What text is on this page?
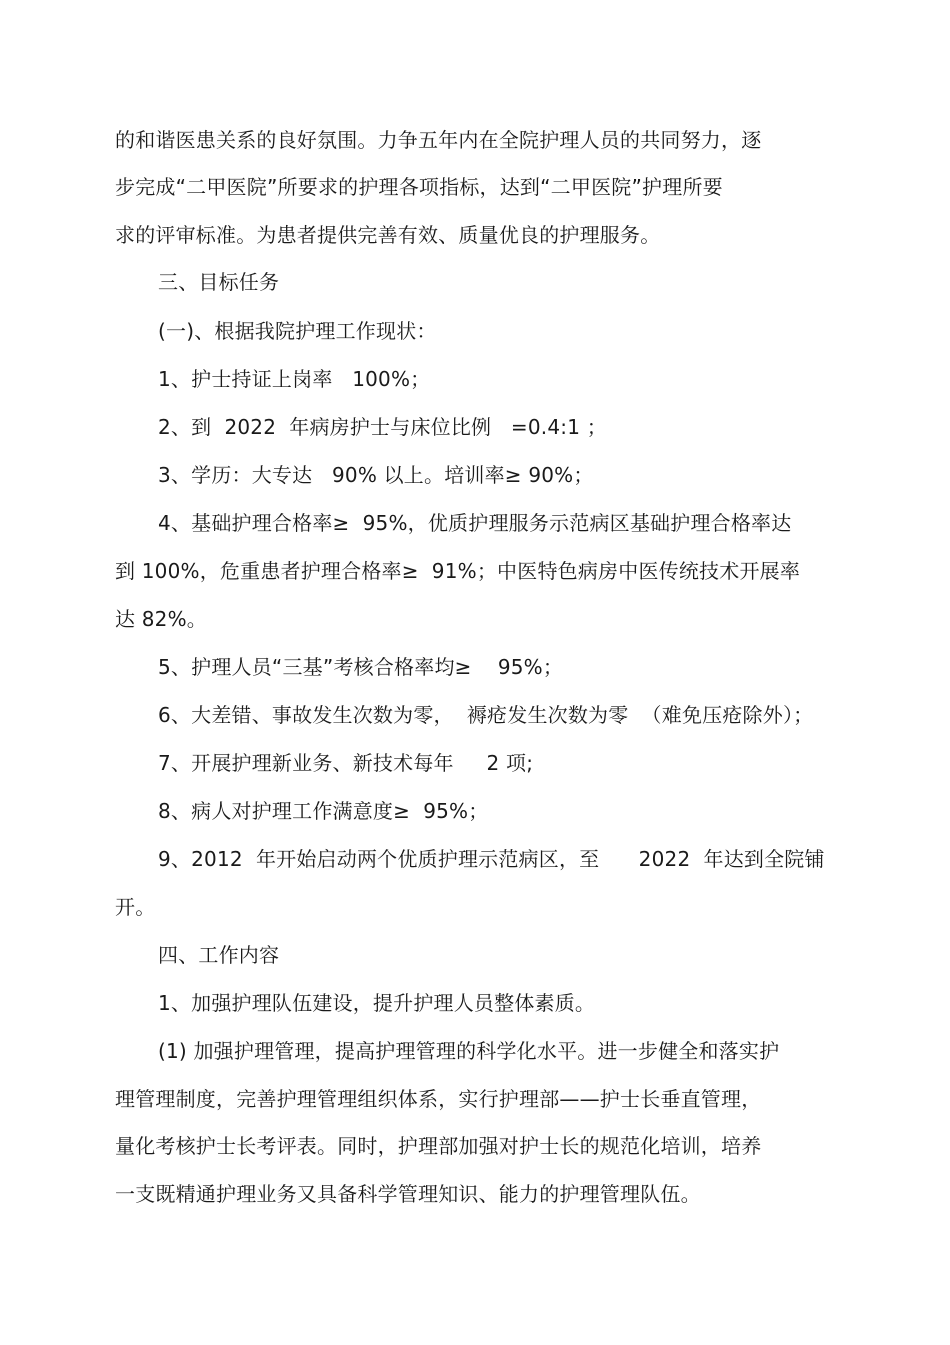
的和谐医患关系的良好氛围。力争五年内在全院护理人员的共同努力，逐
步完成“二甲医院”所要求的护理各项指标，达到“二甲医院”护理所要
求的评审标准。为患者提供完善有效、质量优良的护理服务。
三、目标任务
(一)、根据我院护理工作现状：
1、护士持证上岗率   100%；
2、到  2022  年病房护士与床位比例   =0.4:1 ；
3、学历：大专达   90% 以上。培训率≥ 90%；
4、基础护理合格率≥  95%，优质护理服务示范病区基础护理合格率达
到 100%，危重患者护理合格率≥  91%；中医特色病房中医传统技术开展率
达 82%。
5、护理人员“三基”考核合格率均≥    95%；
6、大差错、事故发生次数为零，  褥疮发生次数为零  （难免压疮除外）；
7、开展护理新业务、新技术每年     2 项;
8、病人对护理工作满意度≥  95%；
9、2012  年开始启动两个优质护理示范病区，至      2022  年达到全院铺
开。
四、工作内容
1、加强护理队伍建设，提升护理人员整体素质。
(1) 加强护理管理，提高护理管理的科学化水平。进一步健全和落实护
理管理制度，完善护理管理组织体系，实行护理部——护士长垂直管理，
量化考核护士长考评表。同时，护理部加强对护士长的规范化培训，培养
一支既精通护理业务又具备科学管理知识、能力的护理管理队伍。
